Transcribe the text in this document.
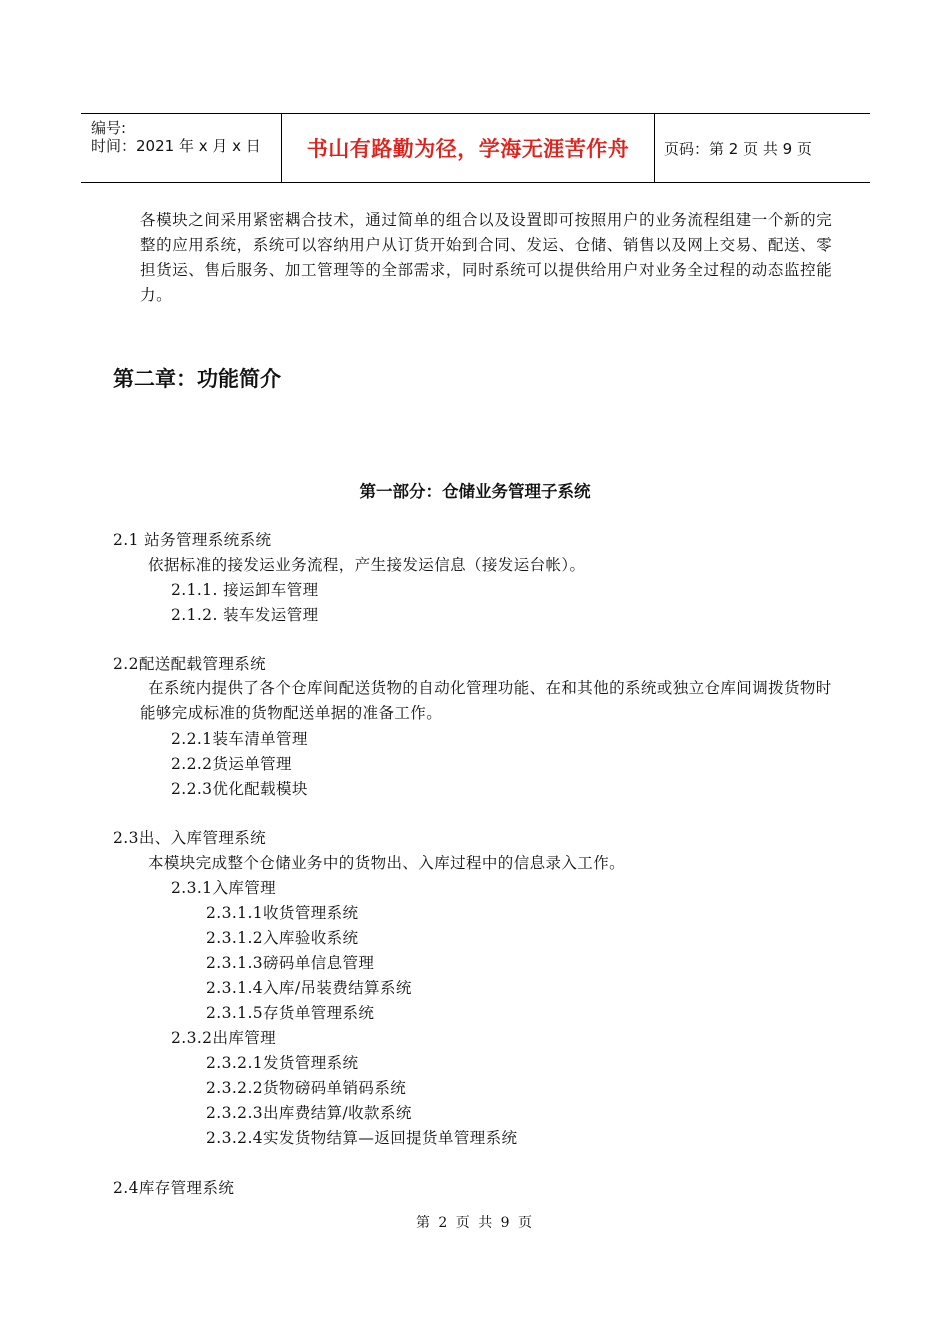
编号:
时间：2021 年 x 月 x 日	书山有路勤为径，学海无涯苦作舟	页码：第 2 页 共 9 页
各模块之间采用紧密耦合技术，通过简单的组合以及设置即可按照用户的业务流程组建一个新的完整的应用系统，系统可以容纳用户从订货开始到合同、发运、仓储、销售以及网上交易、配送、零担货运、售后服务、加工管理等的全部需求，同时系统可以提供给用户对业务全过程的动态监控能力。
第二章：功能简介
第一部分：仓储业务管理子系统
2.1 站务管理系统系统
依据标准的接发运业务流程，产生接发运信息（接发运台帐）。
2.1.1. 接运卸车管理
2.1.2. 装车发运管理
2.2配送配载管理系统
在系统内提供了各个仓库间配送货物的自动化管理功能、在和其他的系统或独立仓库间调拨货物时能够完成标准的货物配送单据的准备工作。
2.2.1装车清单管理
2.2.2货运单管理
2.2.3优化配载模块
2.3出、入库管理系统
本模块完成整个仓储业务中的货物出、入库过程中的信息录入工作。
2.3.1入库管理
2.3.1.1收货管理系统
2.3.1.2入库验收系统
2.3.1.3磅码单信息管理
2.3.1.4入库/吊装费结算系统
2.3.1.5存货单管理系统
2.3.2出库管理
2.3.2.1发货管理系统
2.3.2.2货物磅码单销码系统
2.3.2.3出库费结算/收款系统
2.3.2.4实发货物结算—返回提货单管理系统
2.4库存管理系统
第 2 页 共 9 页
